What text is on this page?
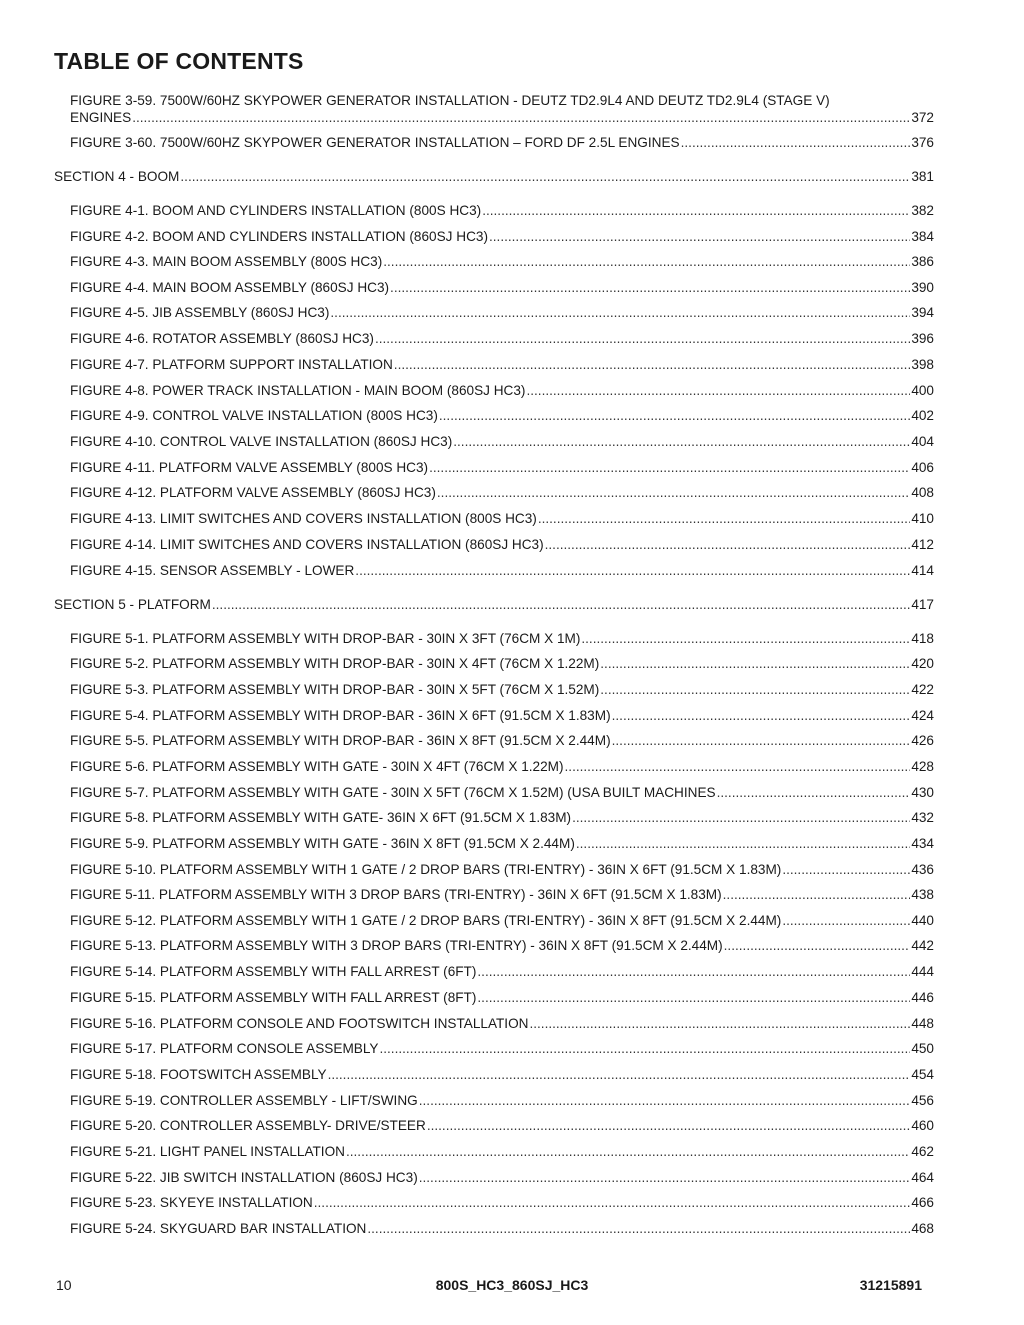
TABLE OF CONTENTS
FIGURE 3-59. 7500W/60HZ SKYPOWER GENERATOR INSTALLATION - DEUTZ TD2.9L4 AND DEUTZ TD2.9L4 (STAGE V)
ENGINES .....	372
FIGURE 3-60. 7500W/60HZ SKYPOWER GENERATOR INSTALLATION – FORD DF 2.5L ENGINES .....	376
SECTION 4 - BOOM .....	381
FIGURE 4-1. BOOM AND CYLINDERS INSTALLATION (800S HC3) .....	382
FIGURE 4-2. BOOM AND CYLINDERS INSTALLATION (860SJ HC3) .....	384
FIGURE 4-3. MAIN BOOM ASSEMBLY (800S HC3) .....	386
FIGURE 4-4. MAIN BOOM ASSEMBLY (860SJ HC3) .....	390
FIGURE 4-5. JIB ASSEMBLY (860SJ HC3) .....	394
FIGURE 4-6. ROTATOR ASSEMBLY (860SJ HC3) .....	396
FIGURE 4-7. PLATFORM SUPPORT INSTALLATION .....	398
FIGURE 4-8. POWER TRACK INSTALLATION - MAIN BOOM (860SJ HC3) .....	400
FIGURE 4-9. CONTROL VALVE INSTALLATION (800S HC3) .....	402
FIGURE 4-10. CONTROL VALVE INSTALLATION (860SJ HC3) .....	404
FIGURE 4-11. PLATFORM VALVE ASSEMBLY (800S HC3) .....	406
FIGURE 4-12. PLATFORM VALVE ASSEMBLY (860SJ HC3) .....	408
FIGURE 4-13. LIMIT SWITCHES AND COVERS INSTALLATION (800S HC3) .....	410
FIGURE 4-14. LIMIT SWITCHES AND COVERS INSTALLATION (860SJ HC3) .....	412
FIGURE 4-15. SENSOR ASSEMBLY - LOWER .....	414
SECTION 5 - PLATFORM .....	417
FIGURE 5-1. PLATFORM ASSEMBLY WITH DROP-BAR - 30IN X 3FT (76CM X 1M) .....	418
FIGURE 5-2. PLATFORM ASSEMBLY WITH DROP-BAR - 30IN X 4FT (76CM X 1.22M) .....	420
FIGURE 5-3. PLATFORM ASSEMBLY WITH DROP-BAR - 30IN X 5FT (76CM X 1.52M) .....	422
FIGURE 5-4. PLATFORM ASSEMBLY WITH DROP-BAR - 36IN X 6FT (91.5CM X 1.83M) .....	424
FIGURE 5-5. PLATFORM ASSEMBLY WITH DROP-BAR - 36IN X 8FT (91.5CM X 2.44M) .....	426
FIGURE 5-6. PLATFORM ASSEMBLY WITH GATE - 30IN X 4FT (76CM X 1.22M) .....	428
FIGURE 5-7. PLATFORM ASSEMBLY WITH GATE - 30IN X 5FT (76CM X 1.52M) (USA BUILT MACHINES .....	430
FIGURE 5-8. PLATFORM ASSEMBLY WITH GATE- 36IN X 6FT (91.5CM X 1.83M) .....	432
FIGURE 5-9. PLATFORM ASSEMBLY WITH GATE - 36IN X 8FT (91.5CM X 2.44M) .....	434
FIGURE 5-10. PLATFORM ASSEMBLY WITH 1 GATE / 2 DROP BARS (TRI-ENTRY) - 36IN X 6FT (91.5CM X 1.83M) .....	436
FIGURE 5-11. PLATFORM ASSEMBLY WITH 3 DROP BARS (TRI-ENTRY) - 36IN X 6FT (91.5CM X 1.83M) .....	438
FIGURE 5-12. PLATFORM ASSEMBLY WITH 1 GATE / 2 DROP BARS (TRI-ENTRY) - 36IN X 8FT (91.5CM X 2.44M) .....	440
FIGURE 5-13. PLATFORM ASSEMBLY WITH 3 DROP BARS (TRI-ENTRY) - 36IN X 8FT (91.5CM X 2.44M) .....	442
FIGURE 5-14. PLATFORM ASSEMBLY WITH FALL ARREST (6FT) .....	444
FIGURE 5-15. PLATFORM ASSEMBLY WITH FALL ARREST (8FT) .....	446
FIGURE 5-16. PLATFORM CONSOLE AND FOOTSWITCH INSTALLATION .....	448
FIGURE 5-17. PLATFORM CONSOLE ASSEMBLY .....	450
FIGURE 5-18. FOOTSWITCH ASSEMBLY .....	454
FIGURE 5-19. CONTROLLER ASSEMBLY - LIFT/SWING .....	456
FIGURE 5-20. CONTROLLER ASSEMBLY- DRIVE/STEER .....	460
FIGURE 5-21. LIGHT PANEL INSTALLATION .....	462
FIGURE 5-22. JIB SWITCH INSTALLATION (860SJ HC3) .....	464
FIGURE 5-23. SKYEYE INSTALLATION .....	466
FIGURE 5-24. SKYGUARD BAR INSTALLATION .....	468
10	800S_HC3_860SJ_HC3	31215891
